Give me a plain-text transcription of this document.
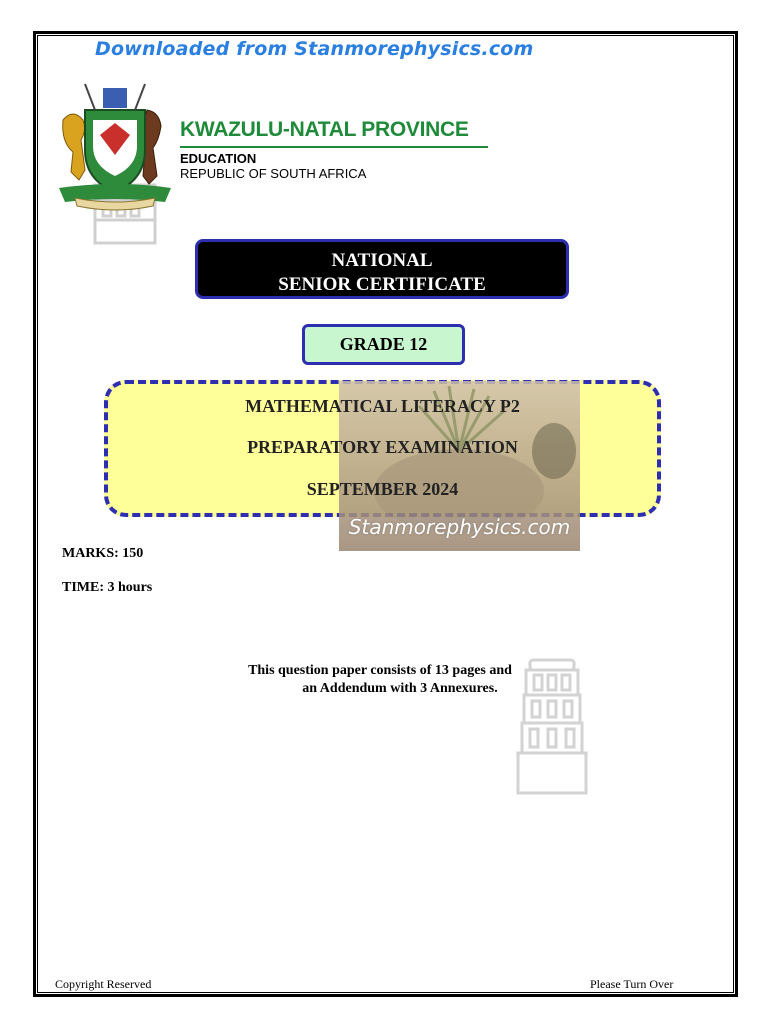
Downloaded from Stanmorephysics.com
KWAZULU-NATAL PROVINCE
EDUCATION
REPUBLIC OF SOUTH AFRICA
NATIONAL
SENIOR CERTIFICATE
GRADE 12
Stanmorephysics.com
MATHEMATICAL LITERACY P2
PREPARATORY EXAMINATION
SEPTEMBER 2024
MARKS: 150
TIME: 3 hours
This question paper consists of 13 pages and
an Addendum with 3 Annexures.
Copyright Reserved	Please Turn Over
